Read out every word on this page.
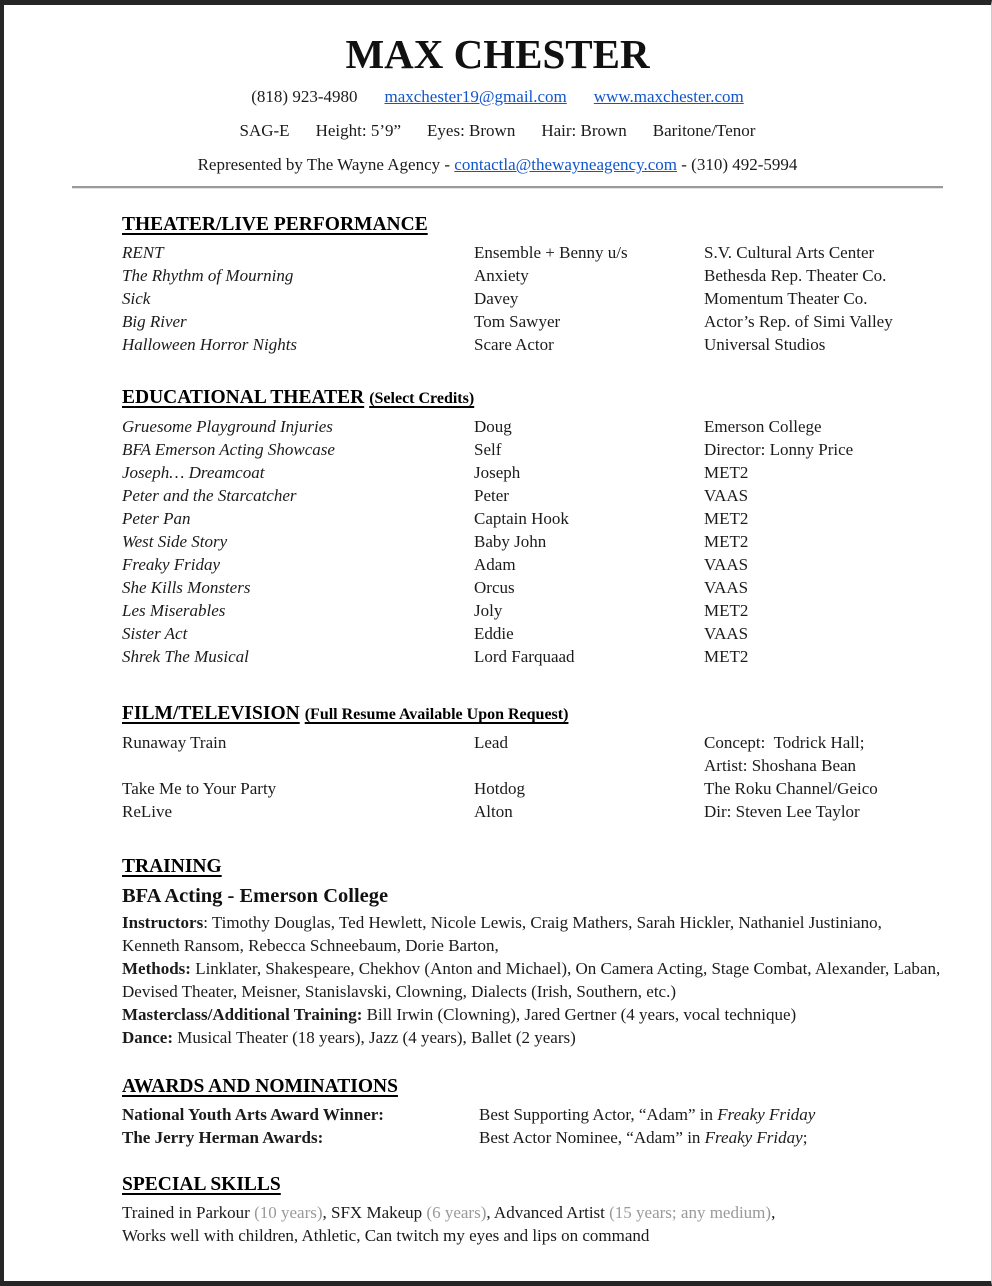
MAX CHESTER
(818) 923-4980 maxchester19@gmail.com www.maxchester.com
SAG-E Height: 5’9” Eyes: Brown Hair: Brown Baritone/Tenor
Represented by The Wayne Agency - contactla@thewayneagency.com - (310) 492-5994
THEATER/LIVE PERFORMANCE
RENT	Ensemble + Benny u/s	S.V. Cultural Arts Center
The Rhythm of Mourning	Anxiety	Bethesda Rep. Theater Co.
Sick	Davey	Momentum Theater Co.
Big River	Tom Sawyer	Actor’s Rep. of Simi Valley
Halloween Horror Nights	Scare Actor	Universal Studios
EDUCATIONAL THEATER (Select Credits)
Gruesome Playground Injuries	Doug	Emerson College
BFA Emerson Acting Showcase	Self	Director: Lonny Price
Joseph… Dreamcoat	Joseph	MET2
Peter and the Starcatcher	Peter	VAAS
Peter Pan	Captain Hook	MET2
West Side Story	Baby John	MET2
Freaky Friday	Adam	VAAS
She Kills Monsters	Orcus	VAAS
Les Miserables	Joly	MET2
Sister Act	Eddie	VAAS
Shrek The Musical	Lord Farquaad	MET2
FILM/TELEVISION (Full Resume Available Upon Request)
Runaway Train	Lead	Concept:  Todrick Hall;
Artist: Shoshana Bean
Take Me to Your Party	Hotdog	The Roku Channel/Geico
ReLive	Alton	Dir: Steven Lee Taylor
TRAINING
BFA Acting - Emerson College
Instructors: Timothy Douglas, Ted Hewlett, Nicole Lewis, Craig Mathers, Sarah Hickler, Nathaniel Justiniano, Kenneth Ransom, Rebecca Schneebaum, Dorie Barton,
Methods: Linklater, Shakespeare, Chekhov (Anton and Michael), On Camera Acting, Stage Combat, Alexander, Laban, Devised Theater, Meisner, Stanislavski, Clowning, Dialects (Irish, Southern, etc.)
Masterclass/Additional Training: Bill Irwin (Clowning), Jared Gertner (4 years, vocal technique)
Dance: Musical Theater (18 years), Jazz (4 years), Ballet (2 years)
AWARDS AND NOMINATIONS
National Youth Arts Award Winner:	Best Supporting Actor, “Adam” in Freaky Friday
The Jerry Herman Awards:	Best Actor Nominee, “Adam” in Freaky Friday;
SPECIAL SKILLS
Trained in Parkour (10 years), SFX Makeup (6 years), Advanced Artist (15 years; any medium),
Works well with children, Athletic, Can twitch my eyes and lips on command
